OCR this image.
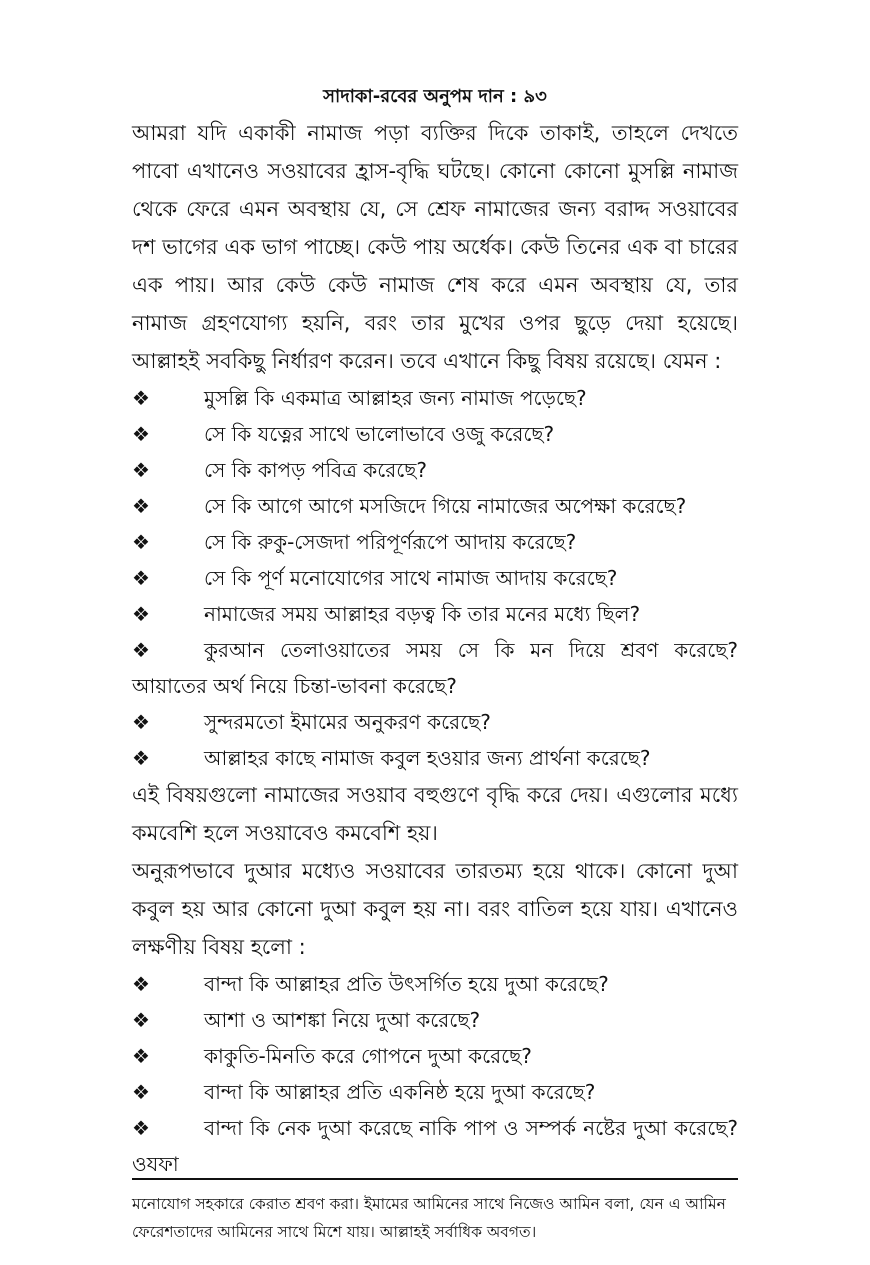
সাদাকা-রবের অনুপম দান : ৯৩

আমরা যদি একাকী নামাজ পড়া ব্যক্তির দিকে তাকাই, তাহলে দেখতে পাবো এখানেও সওয়াবের হ্রাস-বৃদ্ধি ঘটছে। কোনো কোনো মুসল্লি নামাজ থেকে ফেরে এমন অবস্থায় যে, সে শ্রেফ নামাজের জন্য বরাদ্দ সওয়াবের দশ ভাগের এক ভাগ পাচ্ছে। কেউ পায় অর্ধেক। কেউ তিনের এক বা চারের এক পায়। আর কেউ কেউ নামাজ শেষ করে এমন অবস্থায় যে, তার নামাজ গ্রহণযোগ্য হয়নি, বরং তার মুখের ওপর ছুড়ে দেয়া হয়েছে। আল্লাহই সবকিছু নির্ধারণ করেন। তবে এখানে কিছু বিষয় রয়েছে। যেমন :

❖	মুসল্লি কি একমাত্র আল্লাহর জন্য নামাজ পড়েছে?
❖	সে কি যত্নের সাথে ভালোভাবে ওজু করেছে?
❖	সে কি কাপড় পবিত্র করেছে?
❖	সে কি আগে আগে মসজিদে গিয়ে নামাজের অপেক্ষা করেছে?
❖	সে কি রুকু-সেজদা পরিপূর্ণরূপে আদায় করেছে?
❖	সে কি পূর্ণ মনোযোগের সাথে নামাজ আদায় করেছে?
❖	নামাজের সময় আল্লাহর বড়ত্ব কি তার মনের মধ্যে ছিল?
❖	কুরআন তেলাওয়াতের সময় সে কি মন দিয়ে শ্রবণ করেছে? আয়াতের অর্থ নিয়ে চিন্তা-ভাবনা করেছে?
❖	সুন্দরমতো ইমামের অনুকরণ করেছে?
❖	আল্লাহর কাছে নামাজ কবুল হওয়ার জন্য প্রার্থনা করেছে?

এই বিষয়গুলো নামাজের সওয়াব বহুগুণে বৃদ্ধি করে দেয়। এগুলোর মধ্যে কমবেশি হলে সওয়াবেও কমবেশি হয়।

অনুরূপভাবে দুআর মধ্যেও সওয়াবের তারতম্য হয়ে থাকে। কোনো দুআ কবুল হয় আর কোনো দুআ কবুল হয় না। বরং বাতিল হয়ে যায়। এখানেও লক্ষণীয় বিষয় হলো :

❖	বান্দা কি আল্লাহর প্রতি উৎসর্গিত হয়ে দুআ করেছে?
❖	আশা ও আশঙ্কা নিয়ে দুআ করেছে?
❖	কাকুতি-মিনতি করে গোপনে দুআ করেছে?
❖	বান্দা কি আল্লাহর প্রতি একনিষ্ঠ হয়ে দুআ করেছে?
❖	বান্দা কি নেক দুআ করেছে নাকি পাপ ও সম্পর্ক নষ্টের দুআ করেছে? ওযফা

মনোযোগ সহকারে কেরাত শ্রবণ করা। ইমামের আমিনের সাথে নিজেও আমিন বলা, যেন এ আমিন ফেরেশতাদের আমিনের সাথে মিশে যায়। আল্লাহই সর্বাধিক অবগত।
